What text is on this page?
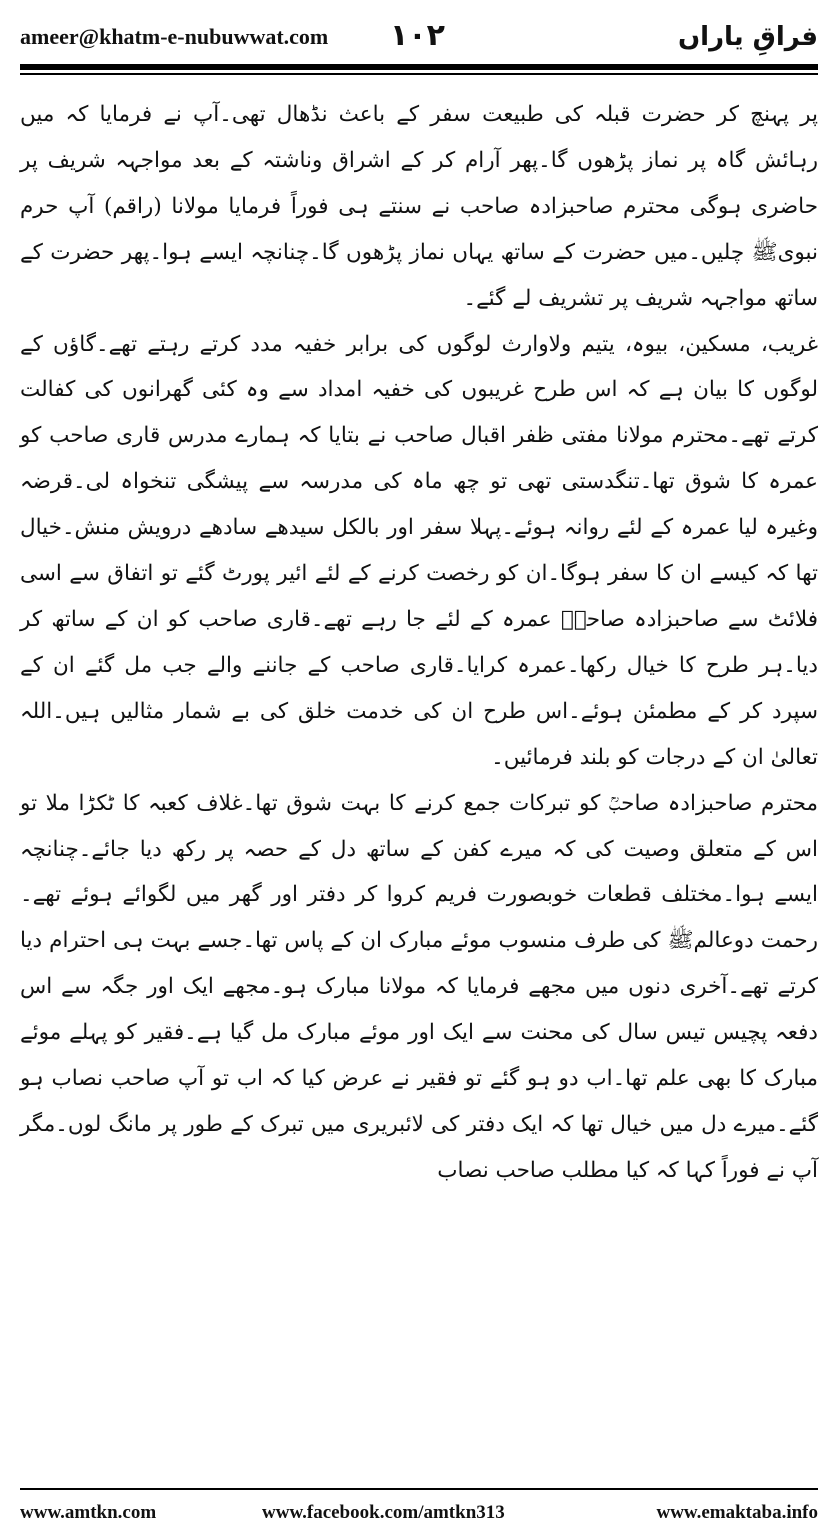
ameer@khatm-e-nubuwwat.com ۱۰۲	فراقِ یاراں

پر پہنچ کر حضرت قبلہ کی طبیعت سفر کے باعث نڈھال تھی۔آپ نے فرمایا کہ میں رہائش گاہ پر نماز پڑھوں گا۔پھر آرام کر کے اشراق وناشتہ کے بعد مواجہہ شریف پر حاضری ہوگی محترم صاحبزادہ صاحب نے سنتے ہی فوراً فرمایا مولانا (راقم) آپ حرم نبویﷺ چلیں۔میں حضرت کے ساتھ یہاں نماز پڑھوں گا۔چنانچہ ایسے ہوا۔پھر حضرت کے ساتھ مواجہہ شریف پر تشریف لے گئے۔

غریب، مسکین، بیوہ، یتیم ولاوارث لوگوں کی برابر خفیہ مدد کرتے رہتے تھے۔گاؤں کے لوگوں کا بیان ہے کہ اس طرح غریبوں کی خفیہ امداد سے وہ کئی گھرانوں کی کفالت کرتے تھے۔محترم مولانا مفتی ظفر اقبال صاحب نے بتایا کہ ہمارے مدرس قاری صاحب کو عمرہ کا شوق تھا۔تنگدستی تھی تو چھ ماہ کی مدرسہ سے پیشگی تنخواہ لی۔قرضہ وغیرہ لیا عمرہ کے لئے روانہ ہوئے۔پہلا سفر اور بالکل سیدھے سادھے درویش منش۔خیال تھا کہ کیسے ان کا سفر ہوگا۔ان کو رخصت کرنے کے لئے ائیر پورٹ گئے تو اتفاق سے اسی فلائٹ سے صاحبزادہ صاحبؒ عمرہ کے لئے جا رہے تھے۔قاری صاحب کو ان کے ساتھ کر دیا۔ہر طرح کا خیال رکھا۔عمرہ کرایا۔قاری صاحب کے جاننے والے جب مل گئے ان کے سپرد کر کے مطمئن ہوئے۔اس طرح ان کی خدمت خلق کی بے شمار مثالیں ہیں۔اللہ تعالیٰ ان کے درجات کو بلند فرمائیں۔

محترم صاحبزادہ صاحبؒ کو تبرکات جمع کرنے کا بہت شوق تھا۔غلاف کعبہ کا ٹکڑا ملا تو اس کے متعلق وصیت کی کہ میرے کفن کے ساتھ دل کے حصہ پر رکھ دیا جائے۔چنانچہ ایسے ہوا۔مختلف قطعات خوبصورت فریم کروا کر دفتر اور گھر میں لگوائے ہوئے تھے۔رحمت دوعالمﷺ کی طرف منسوب موئے مبارک ان کے پاس تھا۔جسے بہت ہی احترام دیا کرتے تھے۔آخری دنوں میں مجھے فرمایا کہ مولانا مبارک ہو۔مجھے ایک اور جگہ سے اس دفعہ پچیس تیس سال کی محنت سے ایک اور موئے مبارک مل گیا ہے۔فقیر کو پہلے موئے مبارک کا بھی علم تھا۔اب دو ہو گئے تو فقیر نے عرض کیا کہ اب تو آپ صاحب نصاب ہو گئے۔میرے دل میں خیال تھا کہ ایک دفتر کی لائبریری میں تبرک کے طور پر مانگ لوں۔مگر آپ نے فوراً کہا کہ کیا مطلب صاحب نصاب

www.amtkn.com	www.facebook.com/amtkn313	www.emaktaba.info
